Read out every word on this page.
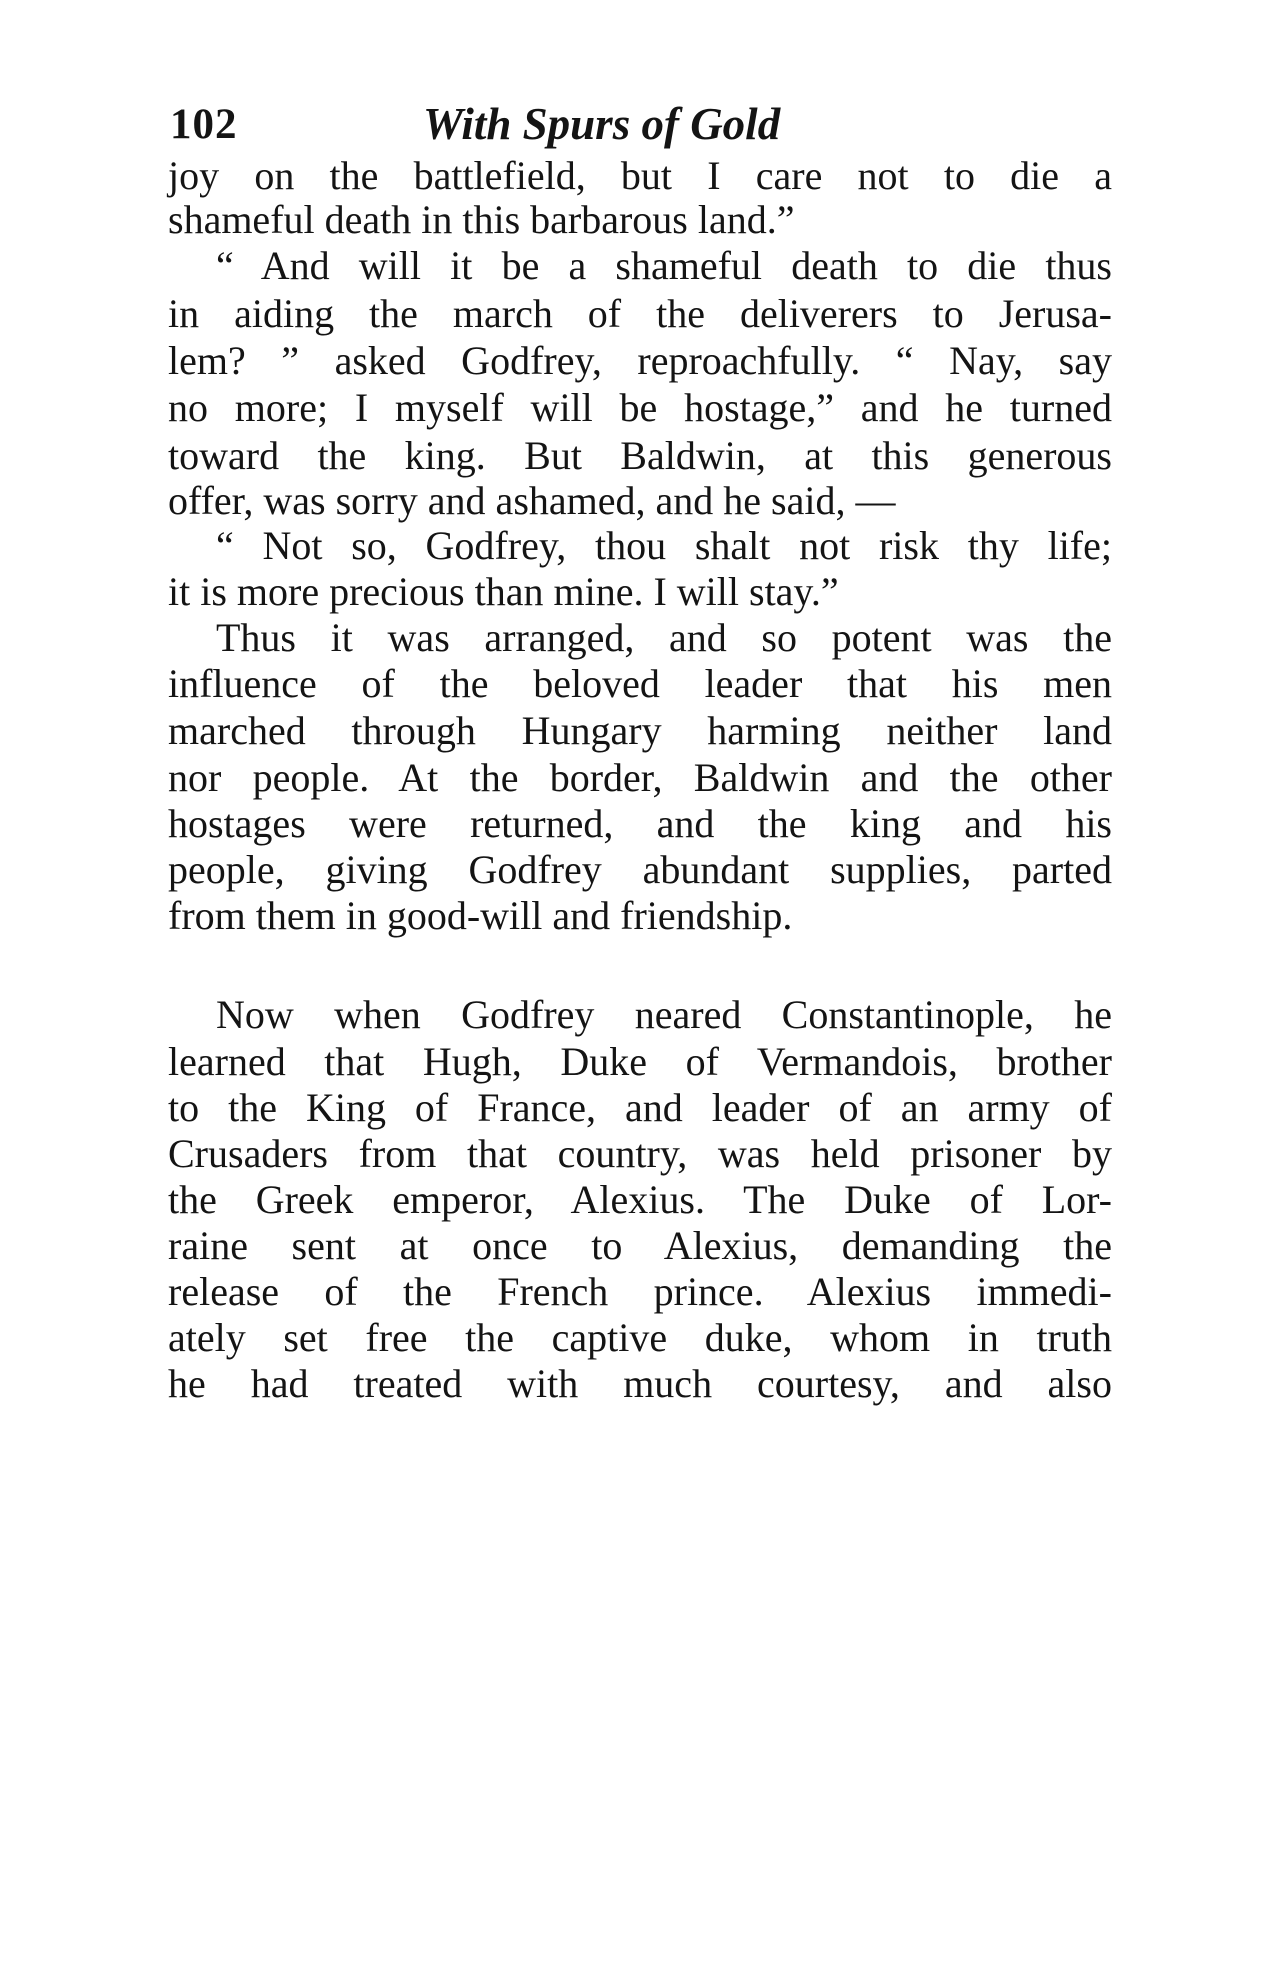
102	With Spurs of Gold
joy on the battlefield, but I care not to die a
shameful death in this barbarous land.”
“ And will it be a shameful death to die thus
in aiding the march of the deliverers to Jerusa-
lem? ” asked Godfrey, reproachfully. “ Nay, say
no more; I myself will be hostage,” and he turned
toward the king. But Baldwin, at this generous
offer, was sorry and ashamed, and he said, —
“ Not so, Godfrey, thou shalt not risk thy life;
it is more precious than mine. I will stay.”
Thus it was arranged, and so potent was the
influence of the beloved leader that his men
marched through Hungary harming neither land
nor people. At the border, Baldwin and the other
hostages were returned, and the king and his
people, giving Godfrey abundant supplies, parted
from them in good-will and friendship.
Now when Godfrey neared Constantinople, he
learned that Hugh, Duke of Vermandois, brother
to the King of France, and leader of an army of
Crusaders from that country, was held prisoner by
the Greek emperor, Alexius. The Duke of Lor-
raine sent at once to Alexius, demanding the
release of the French prince. Alexius immedi-
ately set free the captive duke, whom in truth
he had treated with much courtesy, and also
